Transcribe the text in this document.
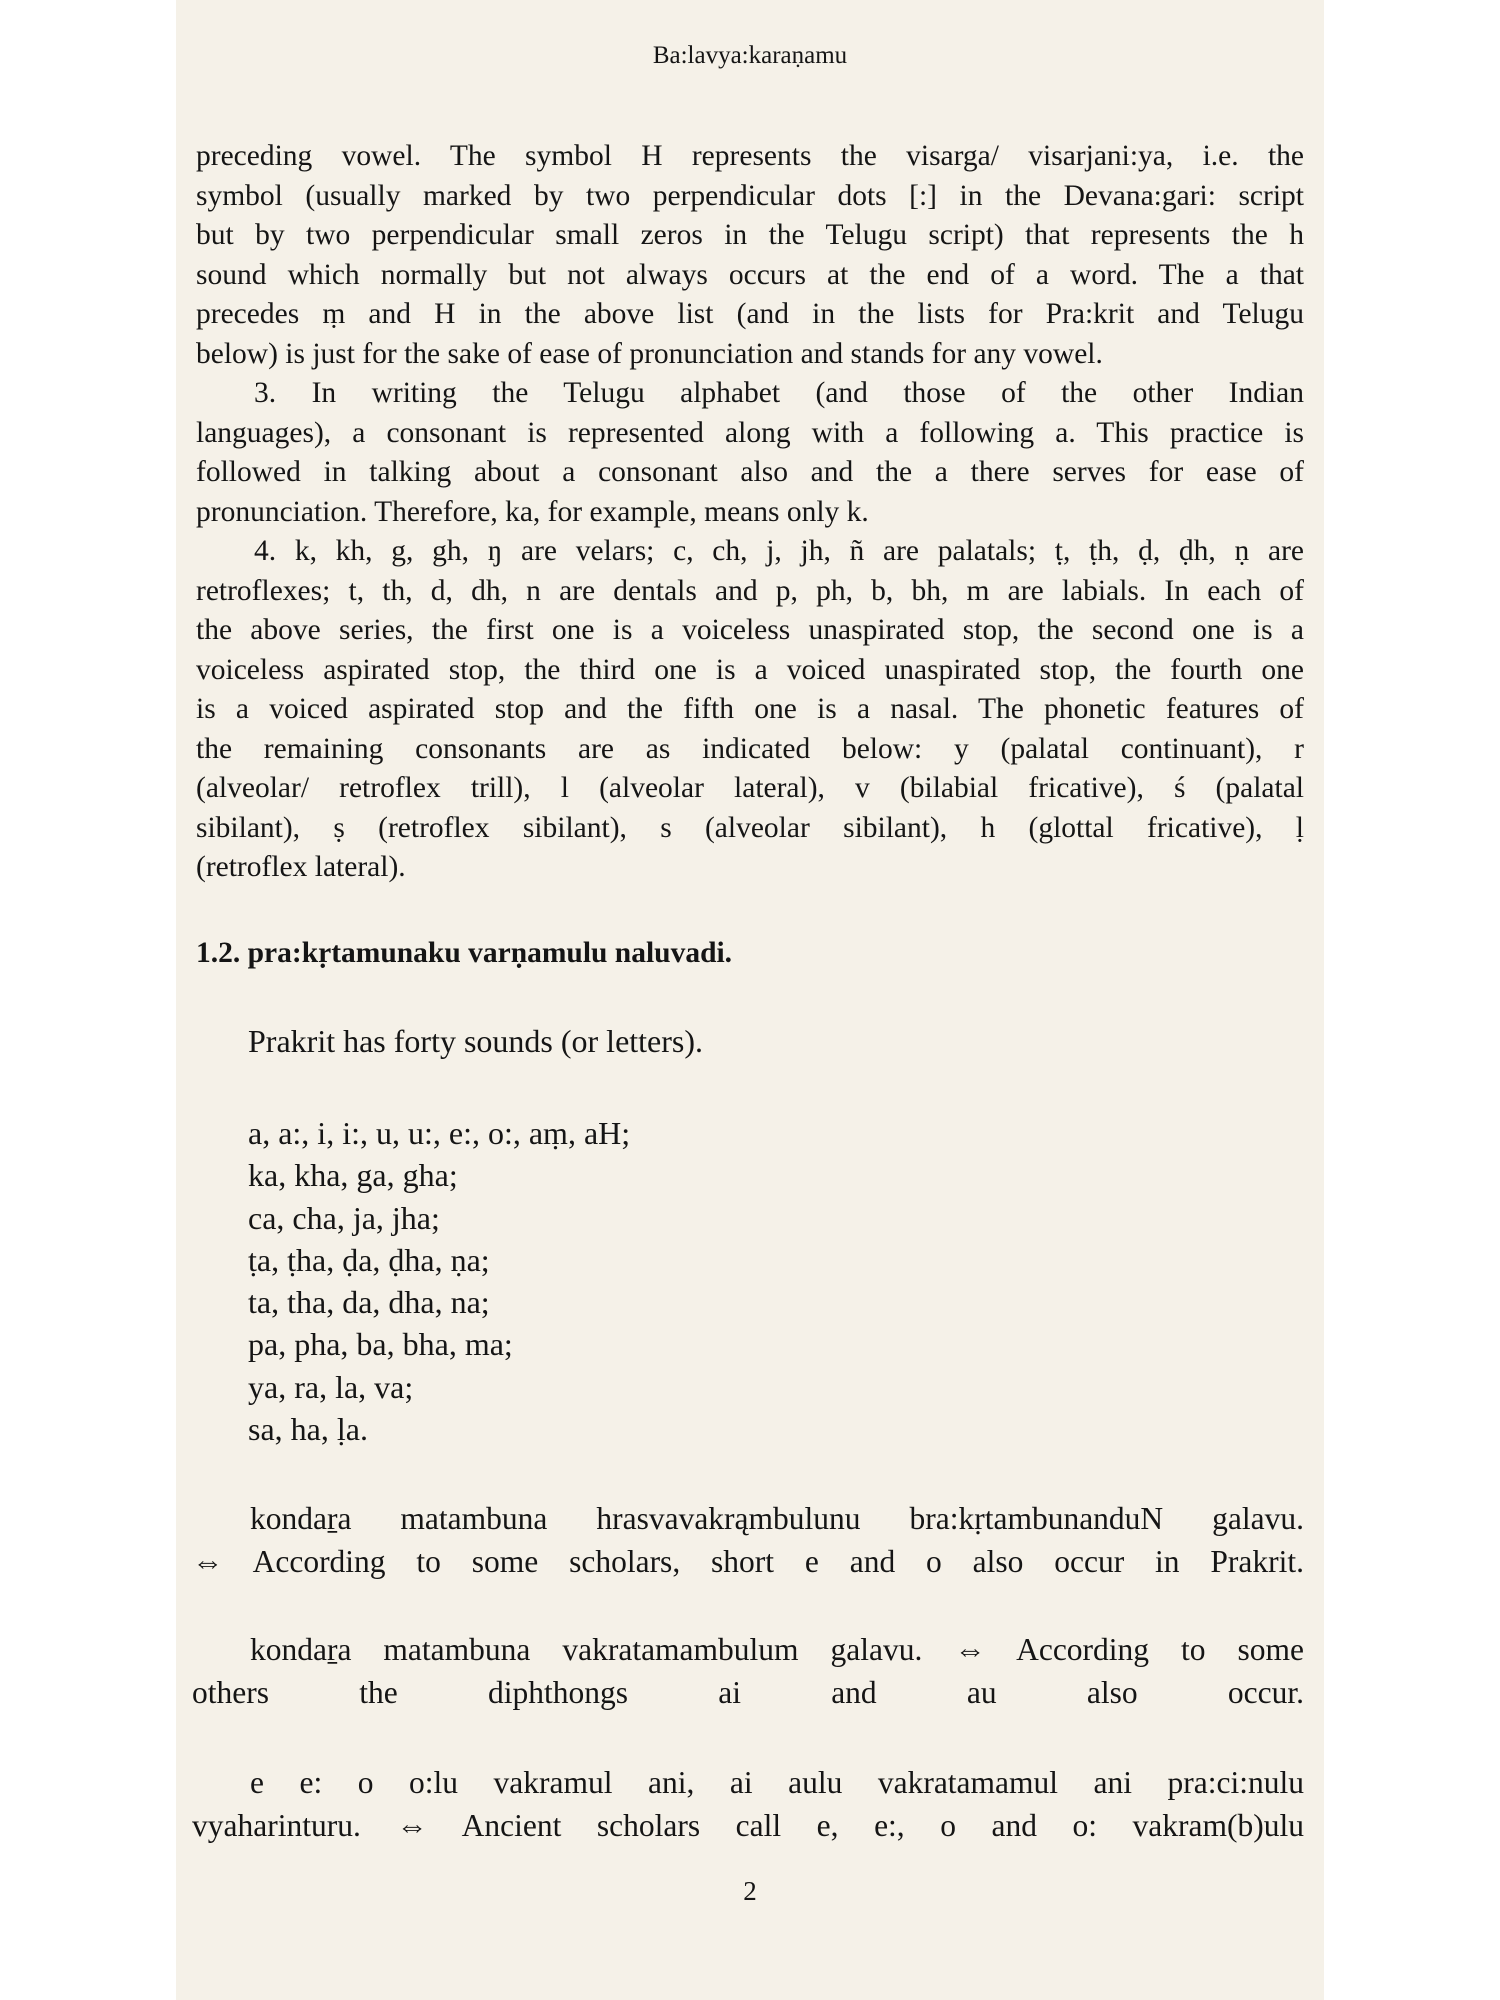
Ba:lavya:karaṇamu
preceding vowel. The symbol H represents the visarga/ visarjani:ya, i.e. the
symbol (usually marked by two perpendicular dots [:] in the Devana:gari: script
but by two perpendicular small zeros in the Telugu script) that represents the h
sound which normally but not always occurs at the end of a word. The a that
precedes ṃ and H in the above list (and in the lists for Pra:krit and Telugu
below) is just for the sake of ease of pronunciation and stands for any vowel.
3. In writing the Telugu alphabet (and those of the other Indian
languages), a consonant is represented along with a following a. This practice is
followed in talking about a consonant also and the a there serves for ease of
pronunciation. Therefore, ka, for example, means only k.
4. k, kh, g, gh, ŋ are velars; c, ch, j, jh, ñ are palatals; ṭ, ṭh, ḍ, ḍh, ṇ are
retroflexes; t, th, d, dh, n are dentals and p, ph, b, bh, m are labials. In each of
the above series, the first one is a voiceless unaspirated stop, the second one is a
voiceless aspirated stop, the third one is a voiced unaspirated stop, the fourth one
is a voiced aspirated stop and the fifth one is a nasal. The phonetic features of
the remaining consonants are as indicated below: y (palatal continuant), r
(alveolar/ retroflex trill), l (alveolar lateral), v (bilabial fricative), ś (palatal
sibilant), ṣ (retroflex sibilant), s (alveolar sibilant), h (glottal fricative), ḷ
(retroflex lateral).
1.2. pra:kṛtamunaku varṇamulu naluvadi.
Prakrit has forty sounds (or letters).
a, a:, i, i:, u, u:, e:, o:, aṃ, aH;
ka, kha, ga, gha;
ca, cha, ja, jha;
ṭa, ṭha, ḍa, ḍha, ṇa;
ta, tha, da, dha, na;
pa, pha, ba, bha, ma;
ya, ra, la, va;
sa, ha, ḷa.
kondaṟa matambuna hrasvavakrąmbulunu bra:kṛtambunanduN galavu.
⇔ According to some scholars, short e and o also occur in Prakrit.
kondaṟa matambuna vakratamambulum galavu. ⇔ According to some
others the diphthongs ai and au also occur.
e e: o o:lu vakramul ani, ai aulu vakratamamul ani pra:ci:nulu
vyaharinturu. ⇔ Ancient scholars call e, e:, o and o: vakram(b)ulu
2
